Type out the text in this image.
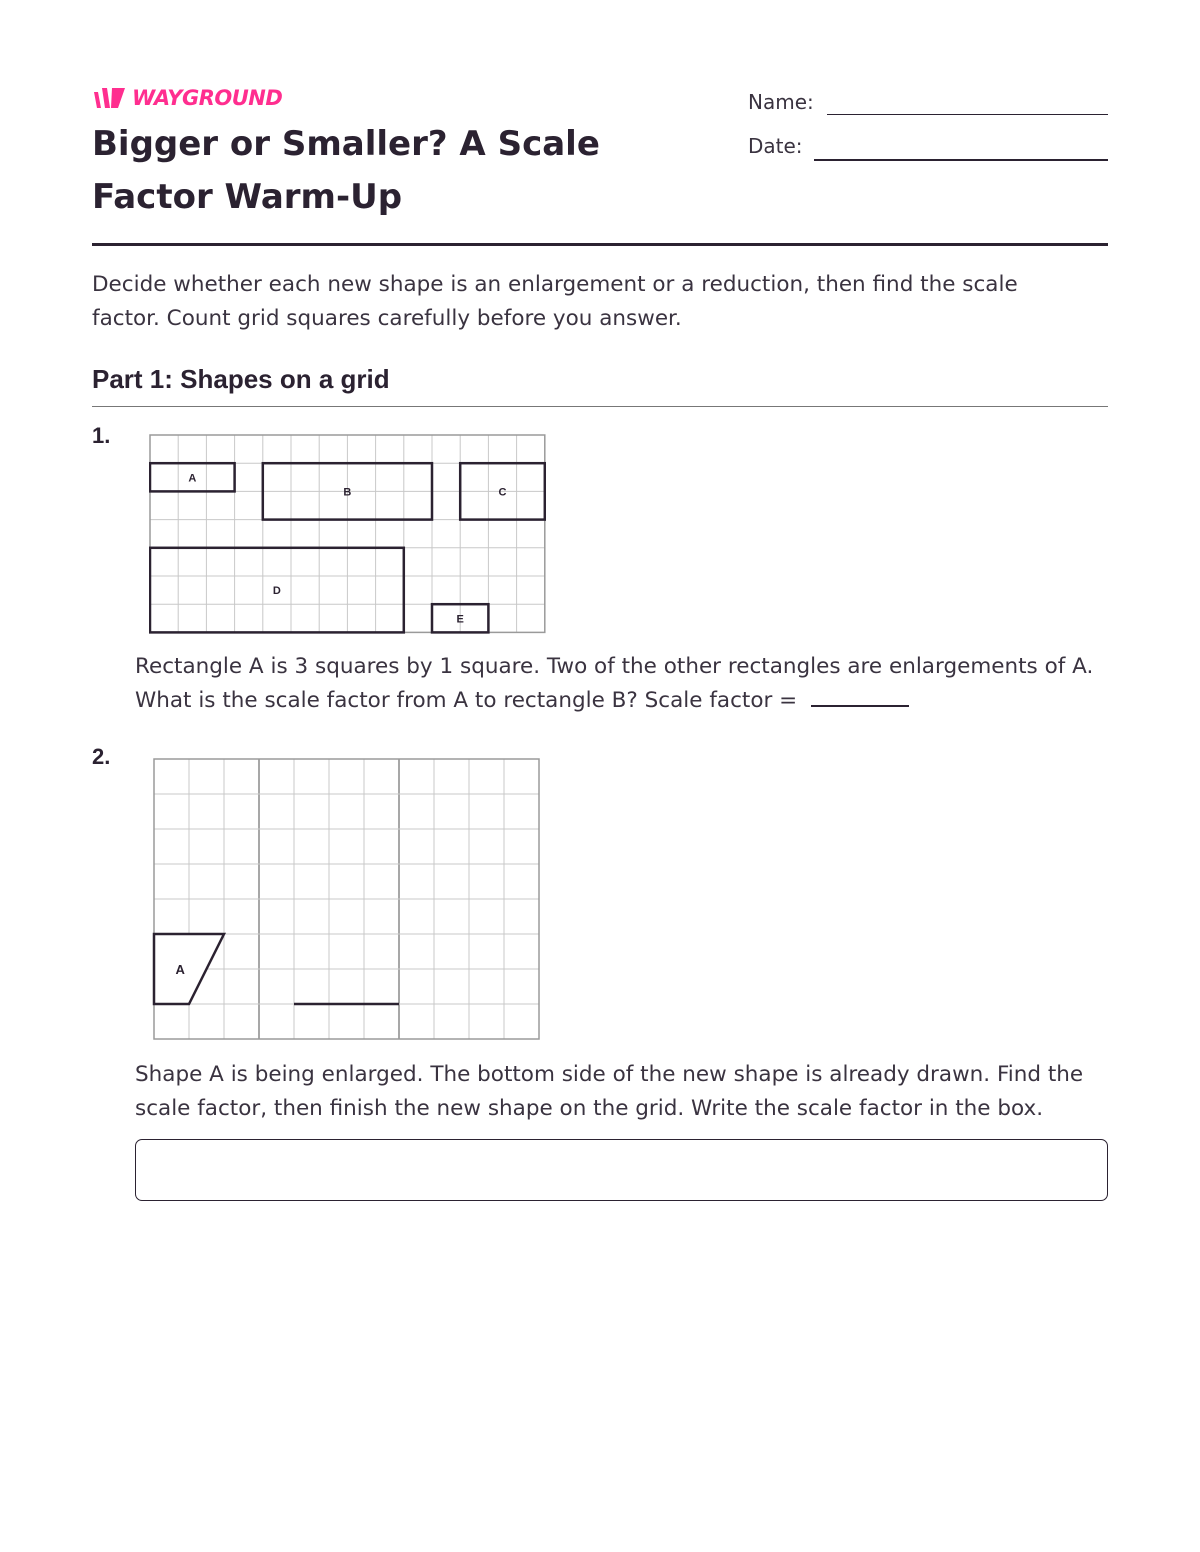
WAYGROUND
Bigger or Smaller? A Scale Factor Warm-Up
Name:
Date:

Decide whether each new shape is an enlargement or a reduction, then find the scale factor. Count grid squares carefully before you answer.

Part 1: Shapes on a grid
1.
A
B	C
D
E

Rectangle A is 3 squares by 1 square. Two of the other rectangles are enlargements of A. What is the scale factor from A to rectangle B? Scale factor =

2.
A

Shape A is being enlarged. The bottom side of the new shape is already drawn. Find the scale factor, then finish the new shape on the grid. Write the scale factor in the box.
